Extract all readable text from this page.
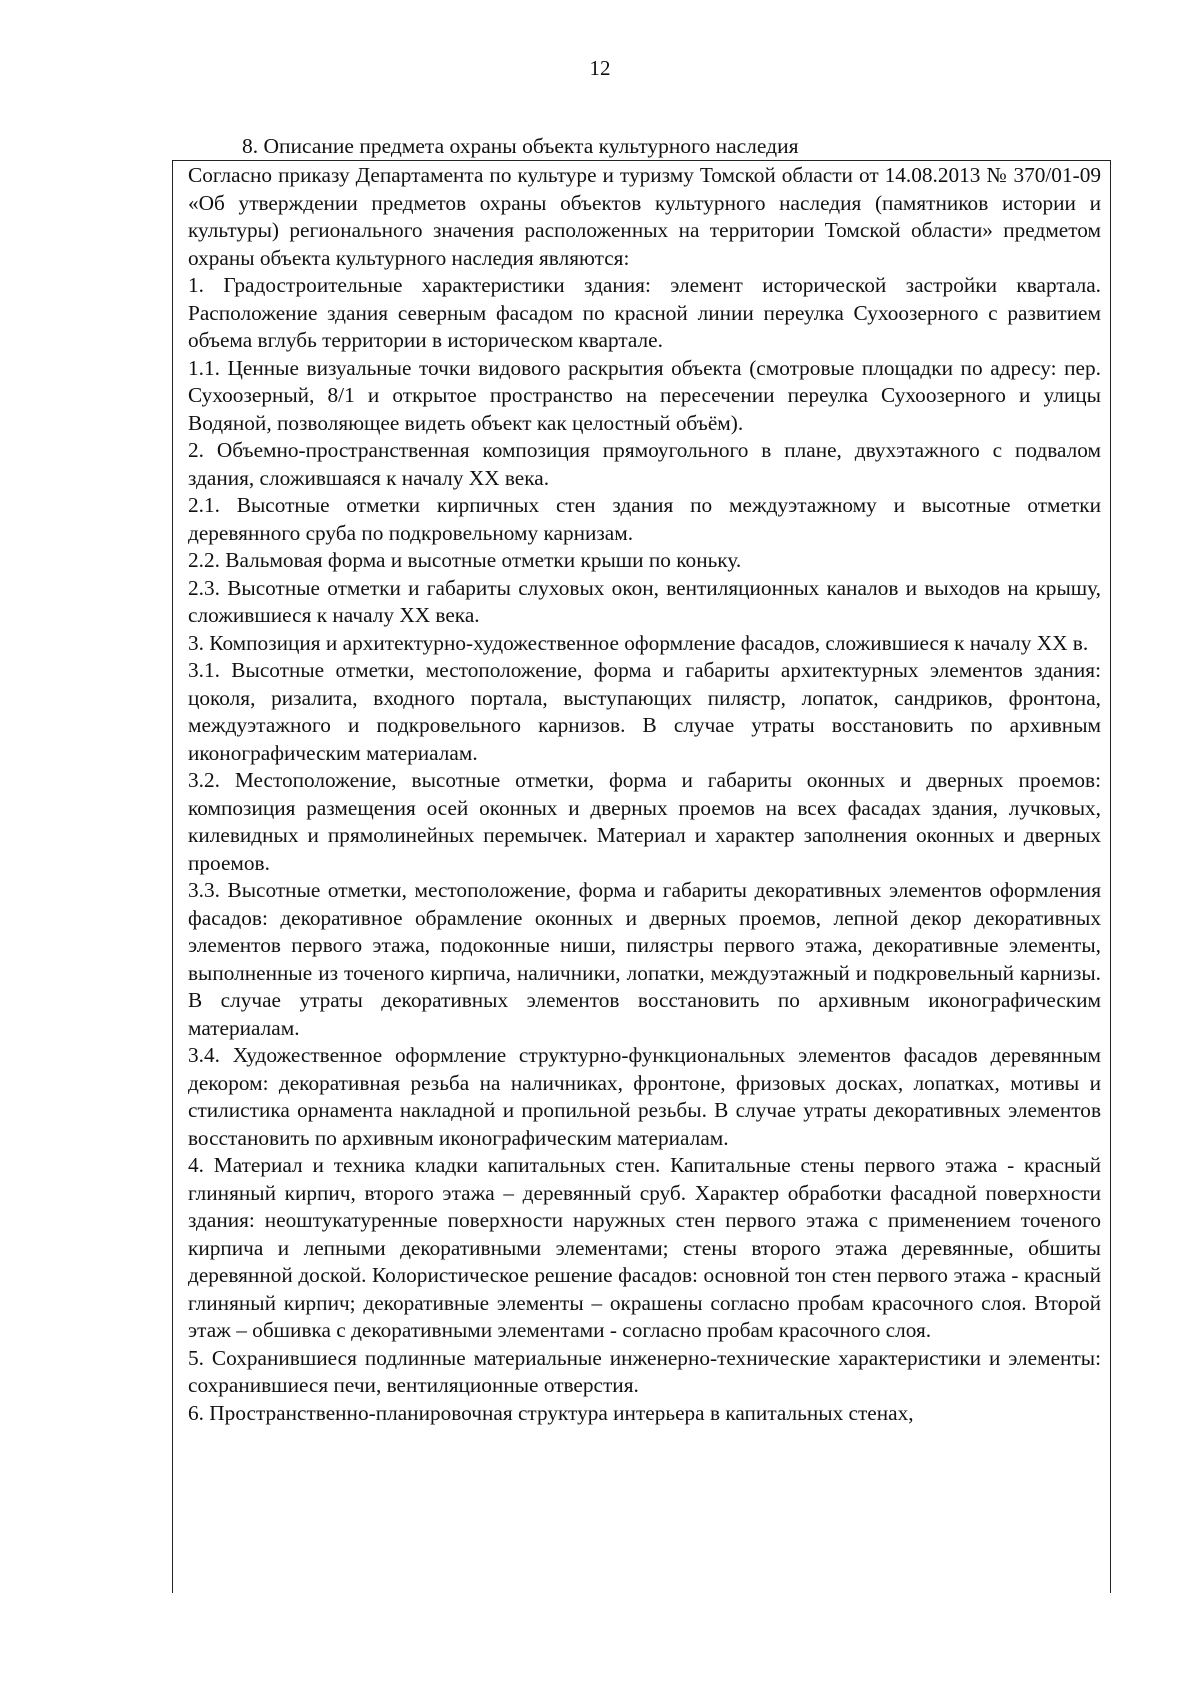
12
8. Описание предмета охраны объекта культурного наследия

Согласно приказу Департамента по культуре и туризму Томской области от 14.08.2013 № 370/01-09 «Об утверждении предметов охраны объектов культурного наследия (памятников истории и культуры) регионального значения расположенных на территории Томской области» предметом охраны объекта культурного наследия являются:

1. Градостроительные характеристики здания: элемент исторической застройки квартала. Расположение здания северным фасадом по красной линии переулка Сухоозерного с развитием объема вглубь территории в историческом квартале.

1.1. Ценные визуальные точки видового раскрытия объекта (смотровые площадки по адресу: пер. Сухоозерный, 8/1 и открытое пространство на пересечении переулка Сухоозерного и улицы Водяной, позволяющее видеть объект как целостный объём).

2. Объемно-пространственная композиция прямоугольного в плане, двухэтажного с подвалом здания, сложившаяся к началу XX века.

2.1. Высотные отметки кирпичных стен здания по междуэтажному и высотные отметки деревянного сруба по подкровельному карнизам.

2.2. Вальмовая форма и высотные отметки крыши по коньку.

2.3. Высотные отметки и габариты слуховых окон, вентиляционных каналов и выходов на крышу, сложившиеся к началу XX века.

3. Композиция и архитектурно-художественное оформление фасадов, сложившиеся к началу XX в.

3.1. Высотные отметки, местоположение, форма и габариты архитектурных элементов здания: цоколя, ризалита, входного портала, выступающих пилястр, лопаток, сандриков, фронтона, междуэтажного и подкровельного карнизов. В случае утраты восстановить по архивным иконографическим материалам.

3.2. Местоположение, высотные отметки, форма и габариты оконных и дверных проемов: композиция размещения осей оконных и дверных проемов на всех фасадах здания, лучковых, килевидных и прямолинейных перемычек. Материал и характер заполнения оконных и дверных проемов.

3.3. Высотные отметки, местоположение, форма и габариты декоративных элементов оформления фасадов: декоративное обрамление оконных и дверных проемов, лепной декор декоративных элементов первого этажа, подоконные ниши, пилястры первого этажа, декоративные элементы, выполненные из точеного кирпича, наличники, лопатки, междуэтажный и подкровельный карнизы. В случае утраты декоративных элементов восстановить по архивным иконографическим материалам.

3.4. Художественное оформление структурно-функциональных элементов фасадов деревянным декором: декоративная резьба на наличниках, фронтоне, фризовых досках, лопатках, мотивы и стилистика орнамента накладной и пропильной резьбы. В случае утраты декоративных элементов восстановить по архивным иконографическим материалам.

4. Материал и техника кладки капитальных стен. Капитальные стены первого этажа - красный глиняный кирпич, второго этажа – деревянный сруб. Характер обработки фасадной поверхности здания: неоштукатуренные поверхности наружных стен первого этажа с применением точеного кирпича и лепными декоративными элементами; стены второго этажа деревянные, обшиты деревянной доской. Колористическое решение фасадов: основной тон стен первого этажа - красный глиняный кирпич; декоративные элементы – окрашены согласно пробам красочного слоя. Второй этаж – обшивка с декоративными элементами - согласно пробам красочного слоя.

5. Сохранившиеся подлинные материальные инженерно-технические характеристики и элементы: сохранившиеся печи, вентиляционные отверстия.

6. Пространственно-планировочная структура интерьера в капитальных стенах,
